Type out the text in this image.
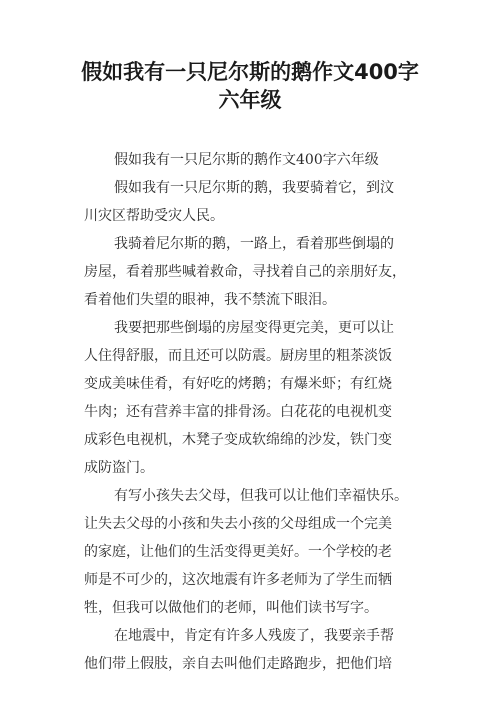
假如我有一只尼尔斯的鹅作文400字
六年级
假如我有一只尼尔斯的鹅作文400字六年级
假如我有一只尼尔斯的鹅，我要骑着它，到汶
川灾区帮助受灾人民。
我骑着尼尔斯的鹅，一路上，看着那些倒塌的
房屋，看着那些喊着救命，寻找着自己的亲朋好友，
看着他们失望的眼神，我不禁流下眼泪。
我要把那些倒塌的房屋变得更完美，更可以让
人住得舒服，而且还可以防震。厨房里的粗茶淡饭
变成美味佳肴，有好吃的烤鹅；有爆米虾；有红烧
牛肉；还有营养丰富的排骨汤。白花花的电视机变
成彩色电视机，木凳子变成软绵绵的沙发，铁门变
成防盗门。
有写小孩失去父母，但我可以让他们幸福快乐。
让失去父母的小孩和失去小孩的父母组成一个完美
的家庭，让他们的生活变得更美好。一个学校的老
师是不可少的，这次地震有许多老师为了学生而牺
牲，但我可以做他们的老师，叫他们读书写字。
在地震中，肯定有许多人残废了，我要亲手帮
他们带上假肢，亲自去叫他们走路跑步，把他们培
